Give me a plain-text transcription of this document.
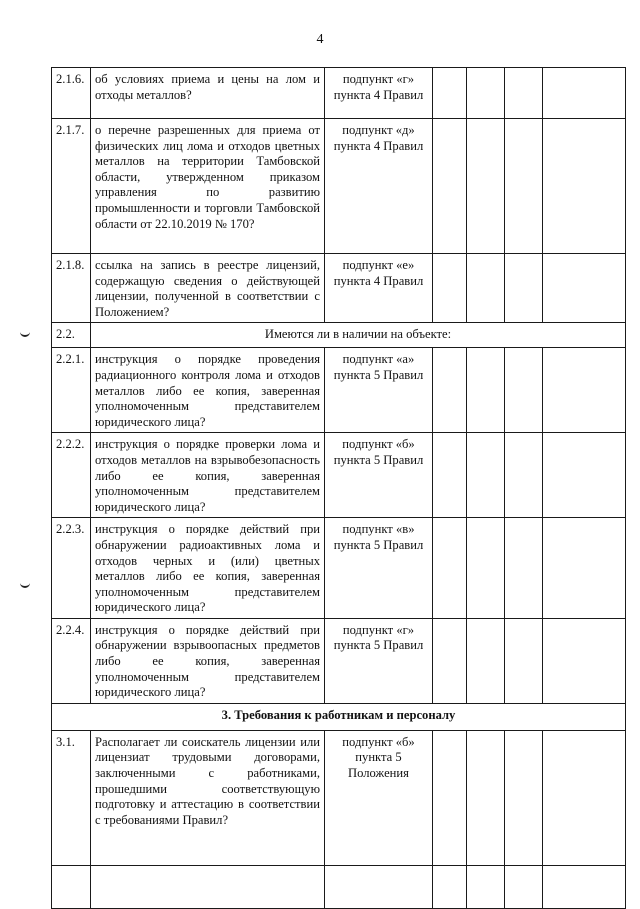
4
2.1.6.	об условиях приема и цены на лом и отходы металлов?	подпункт «г» пункта 4 Правил				
2.1.7.	о перечне разрешенных для приема от физических лиц лома и отходов цветных металлов на территории Тамбовской области, утвержденном приказом управления по развитию промышленности и торговли Тамбовской области от 22.10.2019 № 170?	подпункт «д» пункта 4 Правил				
2.1.8.	ссылка на запись в реестре лицензий, содержащую сведения о действующей лицензии, полученной в соответствии с Положением?	подпункт «е» пункта 4 Правил				
2.2.	Имеются ли в наличии на объекте:					
2.2.1.	инструкция о порядке проведения радиационного контроля лома и отходов металлов либо ее копия, заверенная уполномоченным представителем юридического лица?	подпункт «а» пункта 5 Правил				
2.2.2.	инструкция о порядке проверки лома и отходов металлов на взрывобезопасность либо ее копия, заверенная уполномоченным представителем юридического лица?	подпункт «б» пункта 5 Правил				
2.2.3.	инструкция о порядке действий при обнаружении радиоактивных лома и отходов черных и (или) цветных металлов либо ее копия, заверенная уполномоченным представителем юридического лица?	подпункт «в» пункта 5 Правил				
2.2.4.	инструкция о порядке действий при обнаружении взрывоопасных предметов либо ее копия, заверенная уполномоченным представителем юридического лица?	подпункт «г» пункта 5 Правил				
3. Требования к работникам и персоналу						
3.1.	Располагает ли соискатель лицензии или лицензиат трудовыми договорами, заключенными с работниками, прошедшими соответствующую подготовку и аттестацию в соответствии с требованиями Правил?	подпункт «б» пункта 5 Положения				
